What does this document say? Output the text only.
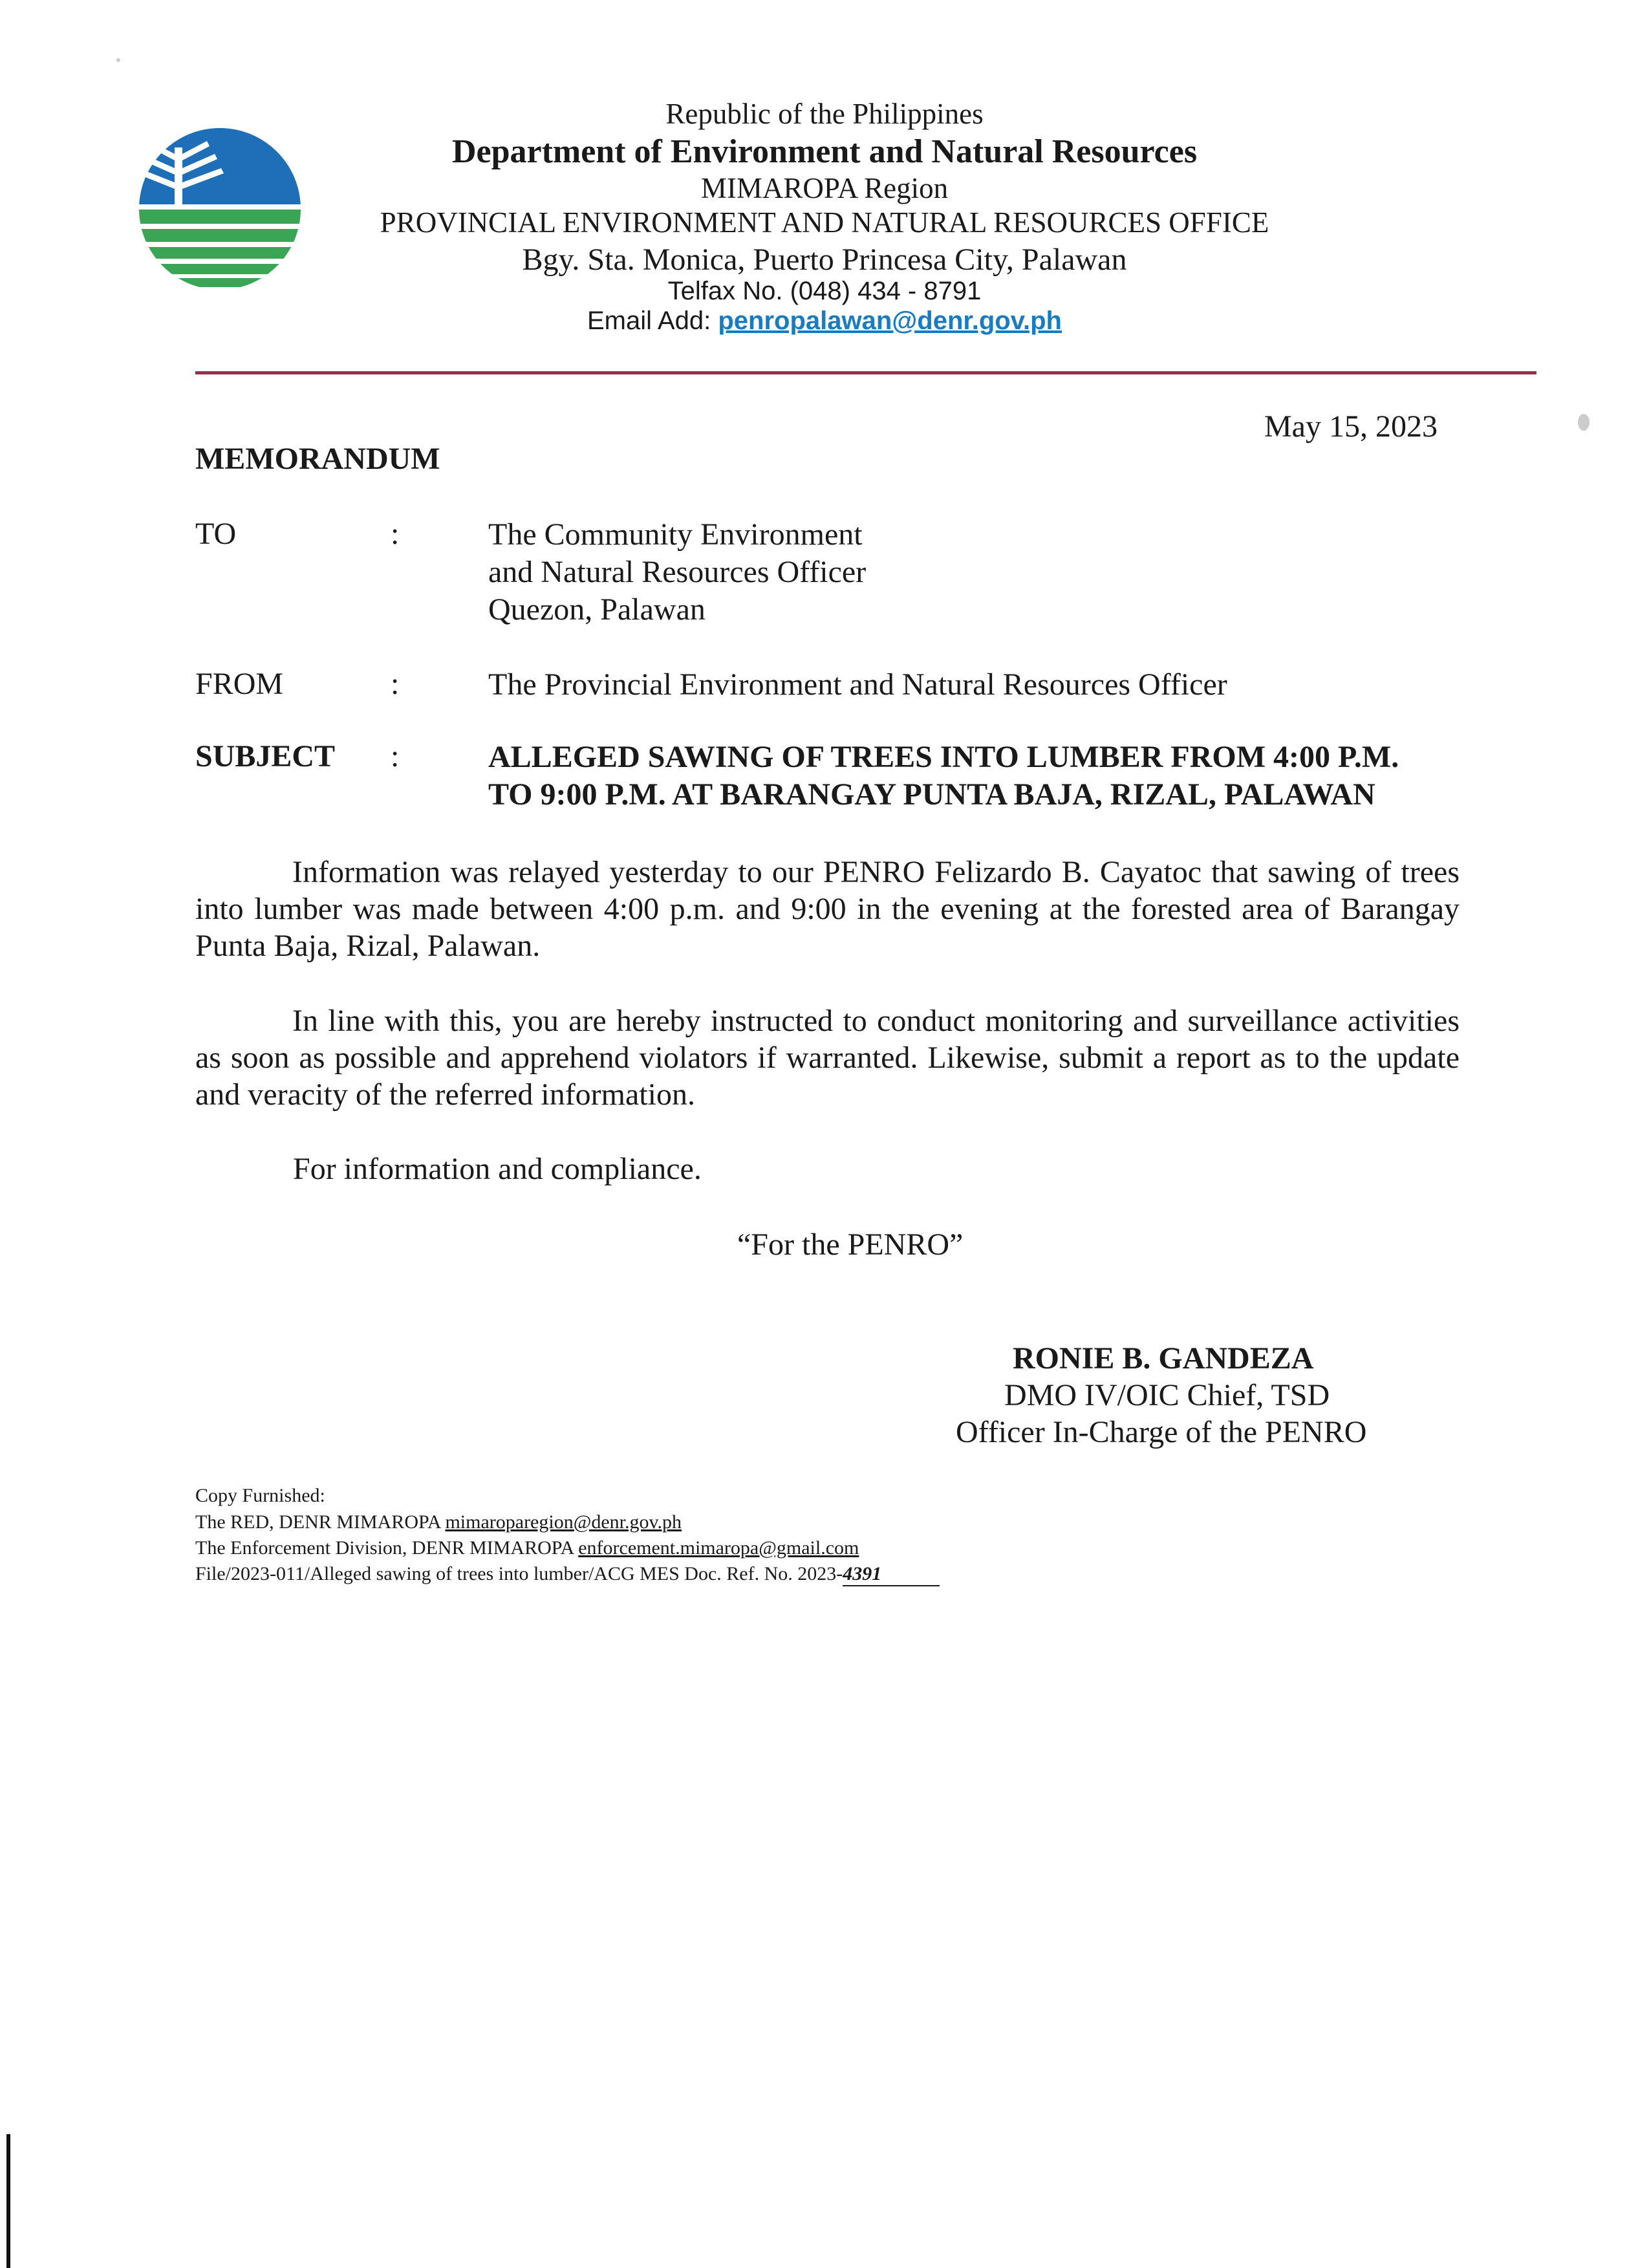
Republic of the Philippines
Department of Environment and Natural Resources
MIMAROPA Region
PROVINCIAL ENVIRONMENT AND NATURAL RESOURCES OFFICE
Bgy. Sta. Monica, Puerto Princesa City, Palawan
Telfax No. (048) 434 - 8791
Email Add: penropalawan@denr.gov.ph
May 15, 2023
MEMORANDUM
TO	:	The Community Environment
and Natural Resources Officer
Quezon, Palawan
FROM	:	The Provincial Environment and Natural Resources Officer
SUBJECT :	ALLEGED SAWING OF TREES INTO LUMBER FROM 4:00 P.M.
TO 9:00 P.M. AT BARANGAY PUNTA BAJA, RIZAL, PALAWAN
Information was relayed yesterday to our PENRO Felizardo B. Cayatoc that sawing of trees into lumber was made between 4:00 p.m. and 9:00 in the evening at the forested area of Barangay Punta Baja, Rizal, Palawan.
In line with this, you are hereby instructed to conduct monitoring and surveillance activities as soon as possible and apprehend violators if warranted. Likewise, submit a report as to the update and veracity of the referred information.
For information and compliance.
“For the PENRO”
RONIE B. GANDEZA
DMO IV/OIC Chief, TSD
Officer In-Charge of the PENRO
Copy Furnished:
The RED, DENR MIMAROPA mimaroparegion@denr.gov.ph
The Enforcement Division, DENR MIMAROPA enforcement.mimaropa@gmail.com
File/2023-011/Alleged sawing of trees into lumber/ACG MES Doc. Ref. No. 2023-4391
